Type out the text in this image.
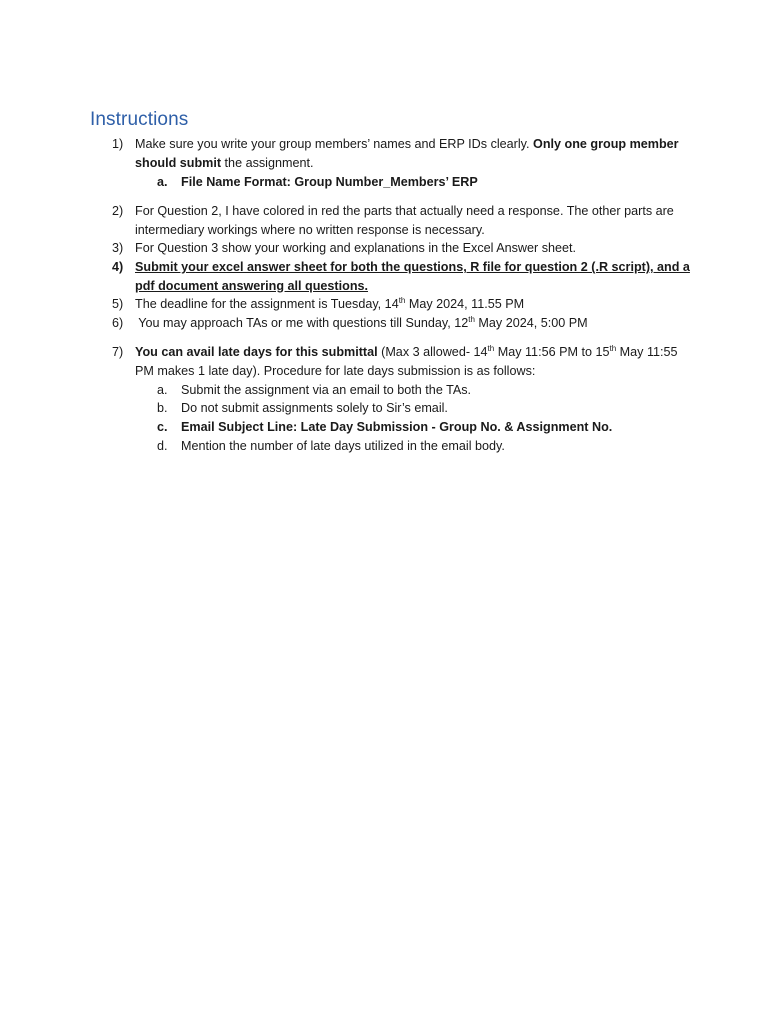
Instructions
1) Make sure you write your group members’ names and ERP IDs clearly. Only one group member should submit the assignment.
a. File Name Format: Group Number_Members’ ERP
2) For Question 2, I have colored in red the parts that actually need a response. The other parts are intermediary workings where no written response is necessary.
3) For Question 3 show your working and explanations in the Excel Answer sheet.
4) Submit your excel answer sheet for both the questions, R file for question 2 (.R script), and a pdf document answering all questions.
5) The deadline for the assignment is Tuesday, 14th May 2024, 11.55 PM
6) You may approach TAs or me with questions till Sunday, 12th May 2024, 5:00 PM
7) You can avail late days for this submittal (Max 3 allowed- 14th May 11:56 PM to 15th May 11:55 PM makes 1 late day). Procedure for late days submission is as follows:
a. Submit the assignment via an email to both the TAs.
b. Do not submit assignments solely to Sir’s email.
c. Email Subject Line: Late Day Submission - Group No. & Assignment No.
d. Mention the number of late days utilized in the email body.
